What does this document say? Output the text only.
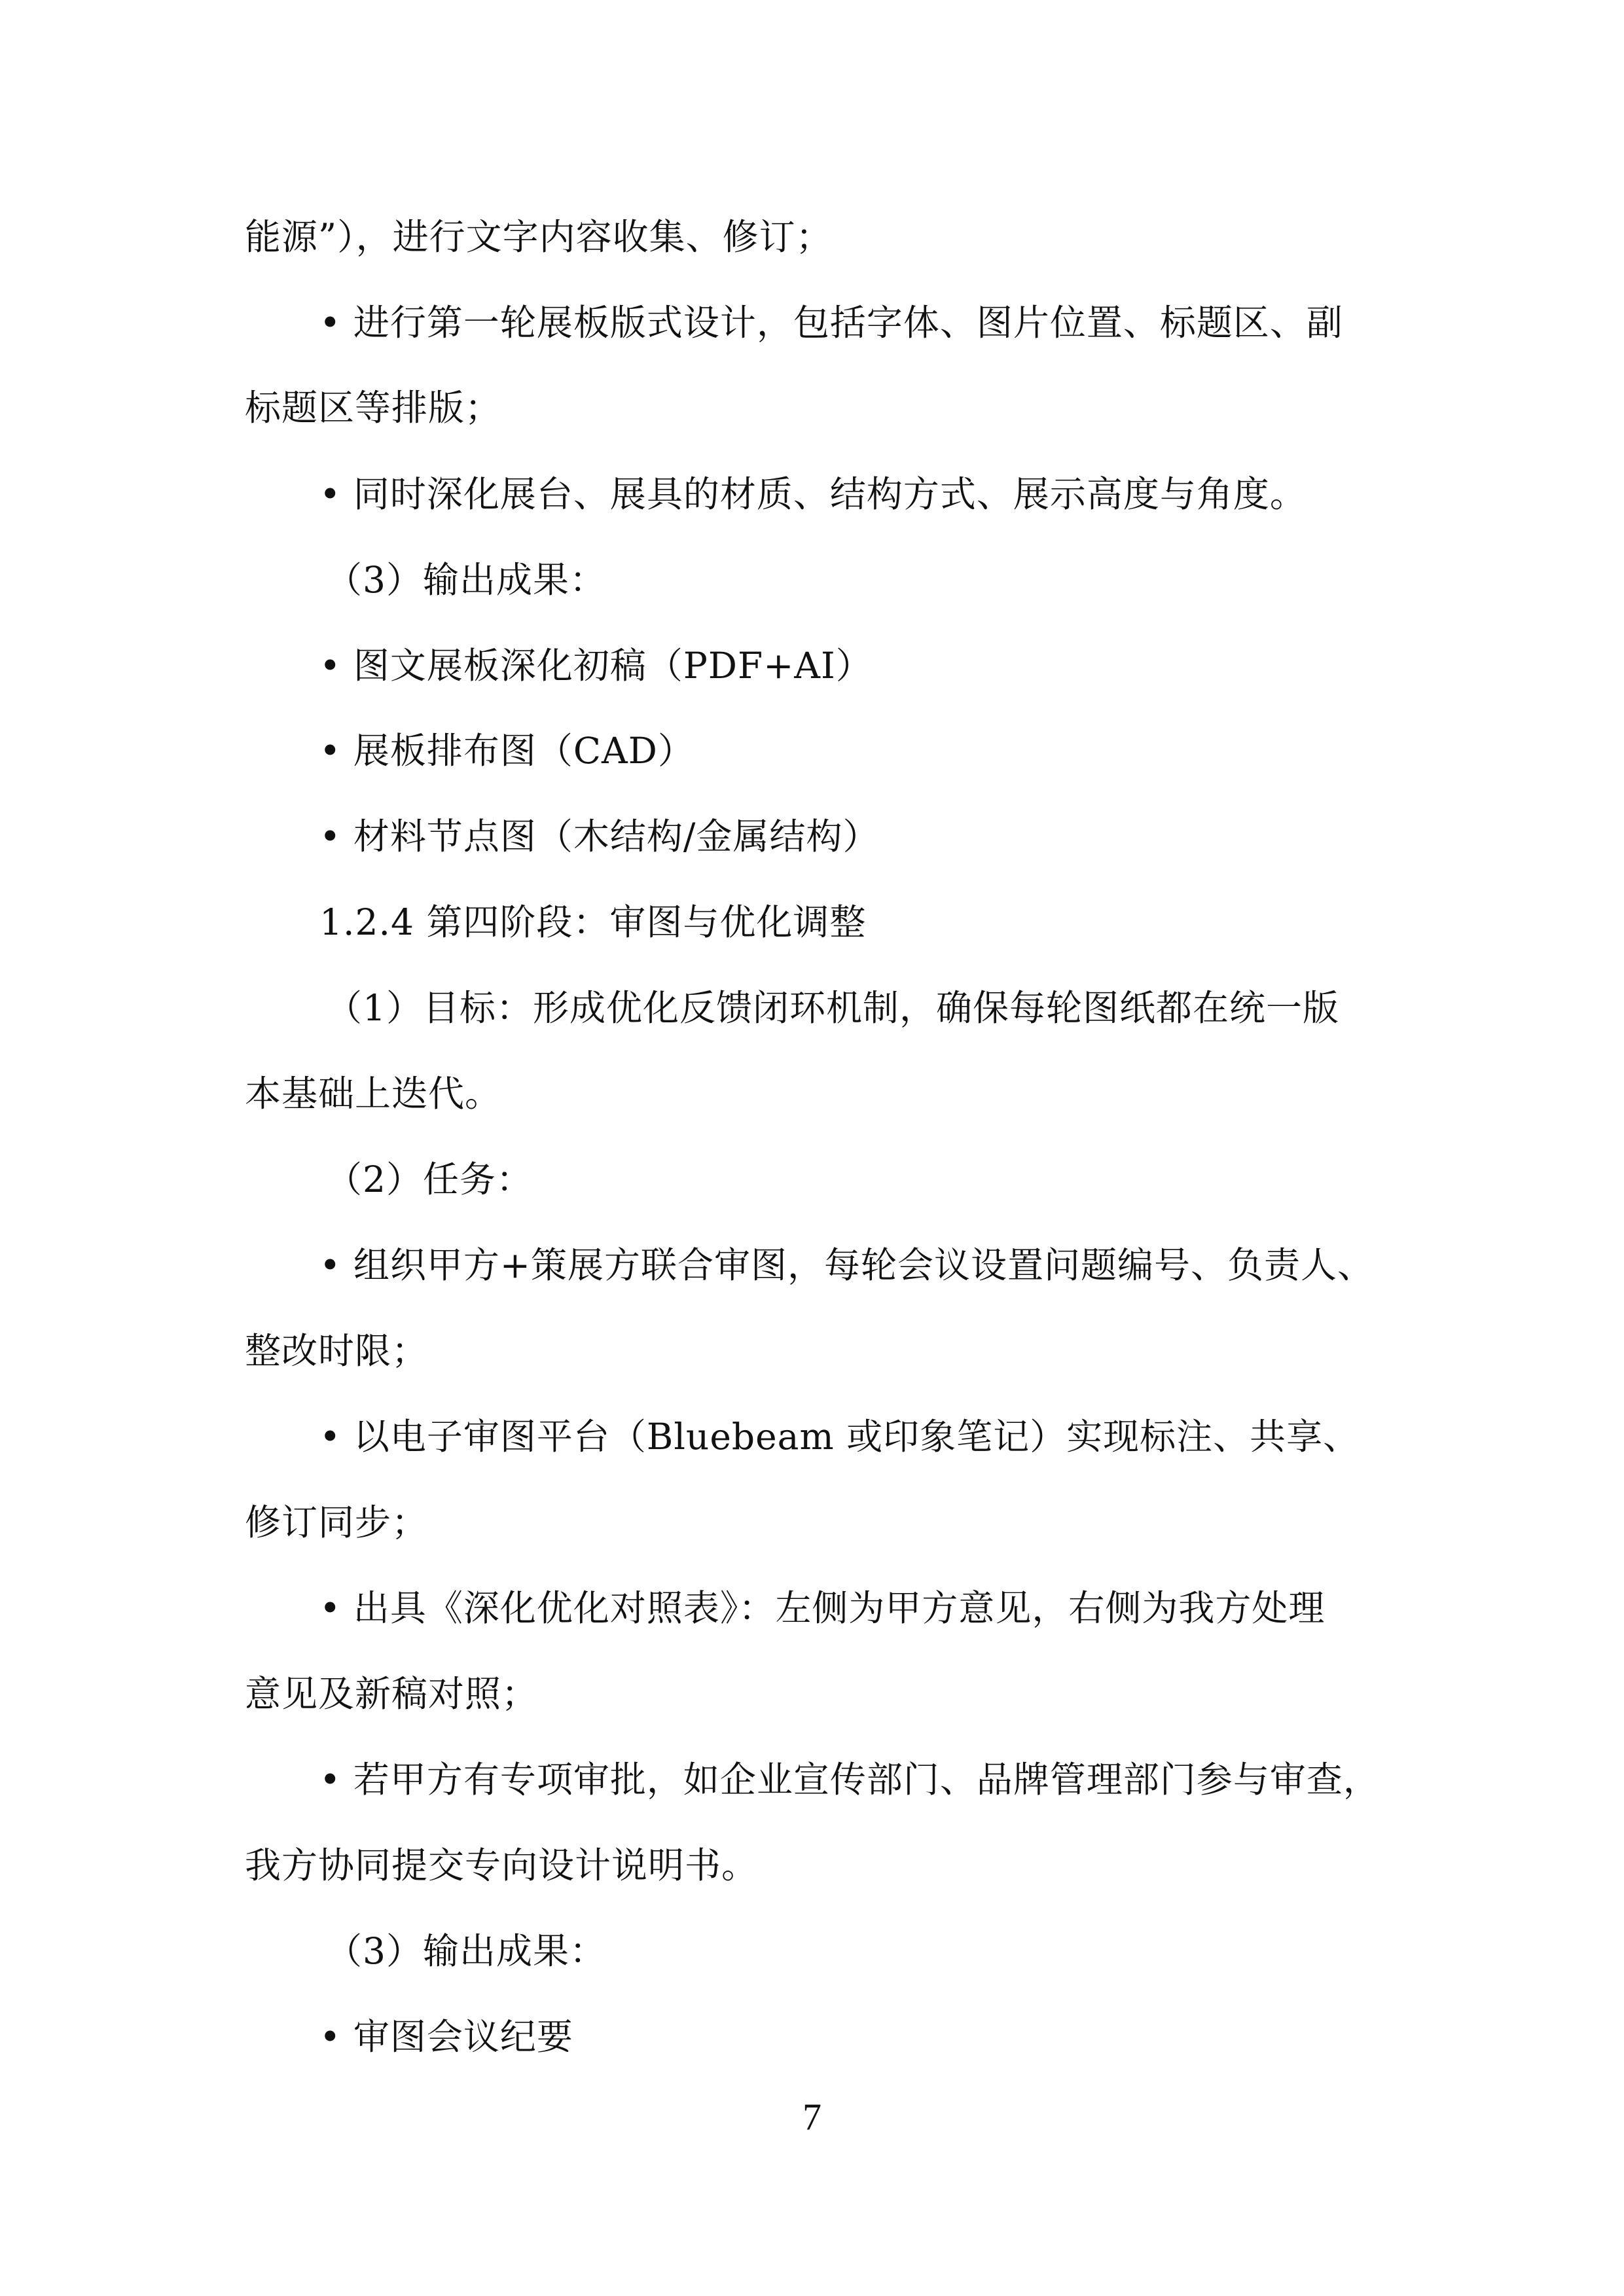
能源”），进行文字内容收集、修订；
• 进行第一轮展板版式设计，包括字体、图片位置、标题区、副
标题区等排版；
• 同时深化展台、展具的材质、结构方式、展示高度与角度。
（3）输出成果：
• 图文展板深化初稿（PDF+AI）
• 展板排布图（CAD）
• 材料节点图（木结构/金属结构）
1.2.4 第四阶段：审图与优化调整
（1）目标：形成优化反馈闭环机制，确保每轮图纸都在统一版
本基础上迭代。
（2）任务：
• 组织甲方+策展方联合审图，每轮会议设置问题编号、负责人、
整改时限；
• 以电子审图平台（Bluebeam 或印象笔记）实现标注、共享、
修订同步；
• 出具《深化优化对照表》：左侧为甲方意见，右侧为我方处理
意见及新稿对照；
• 若甲方有专项审批，如企业宣传部门、品牌管理部门参与审查，
我方协同提交专向设计说明书。
（3）输出成果：
• 审图会议纪要
7
